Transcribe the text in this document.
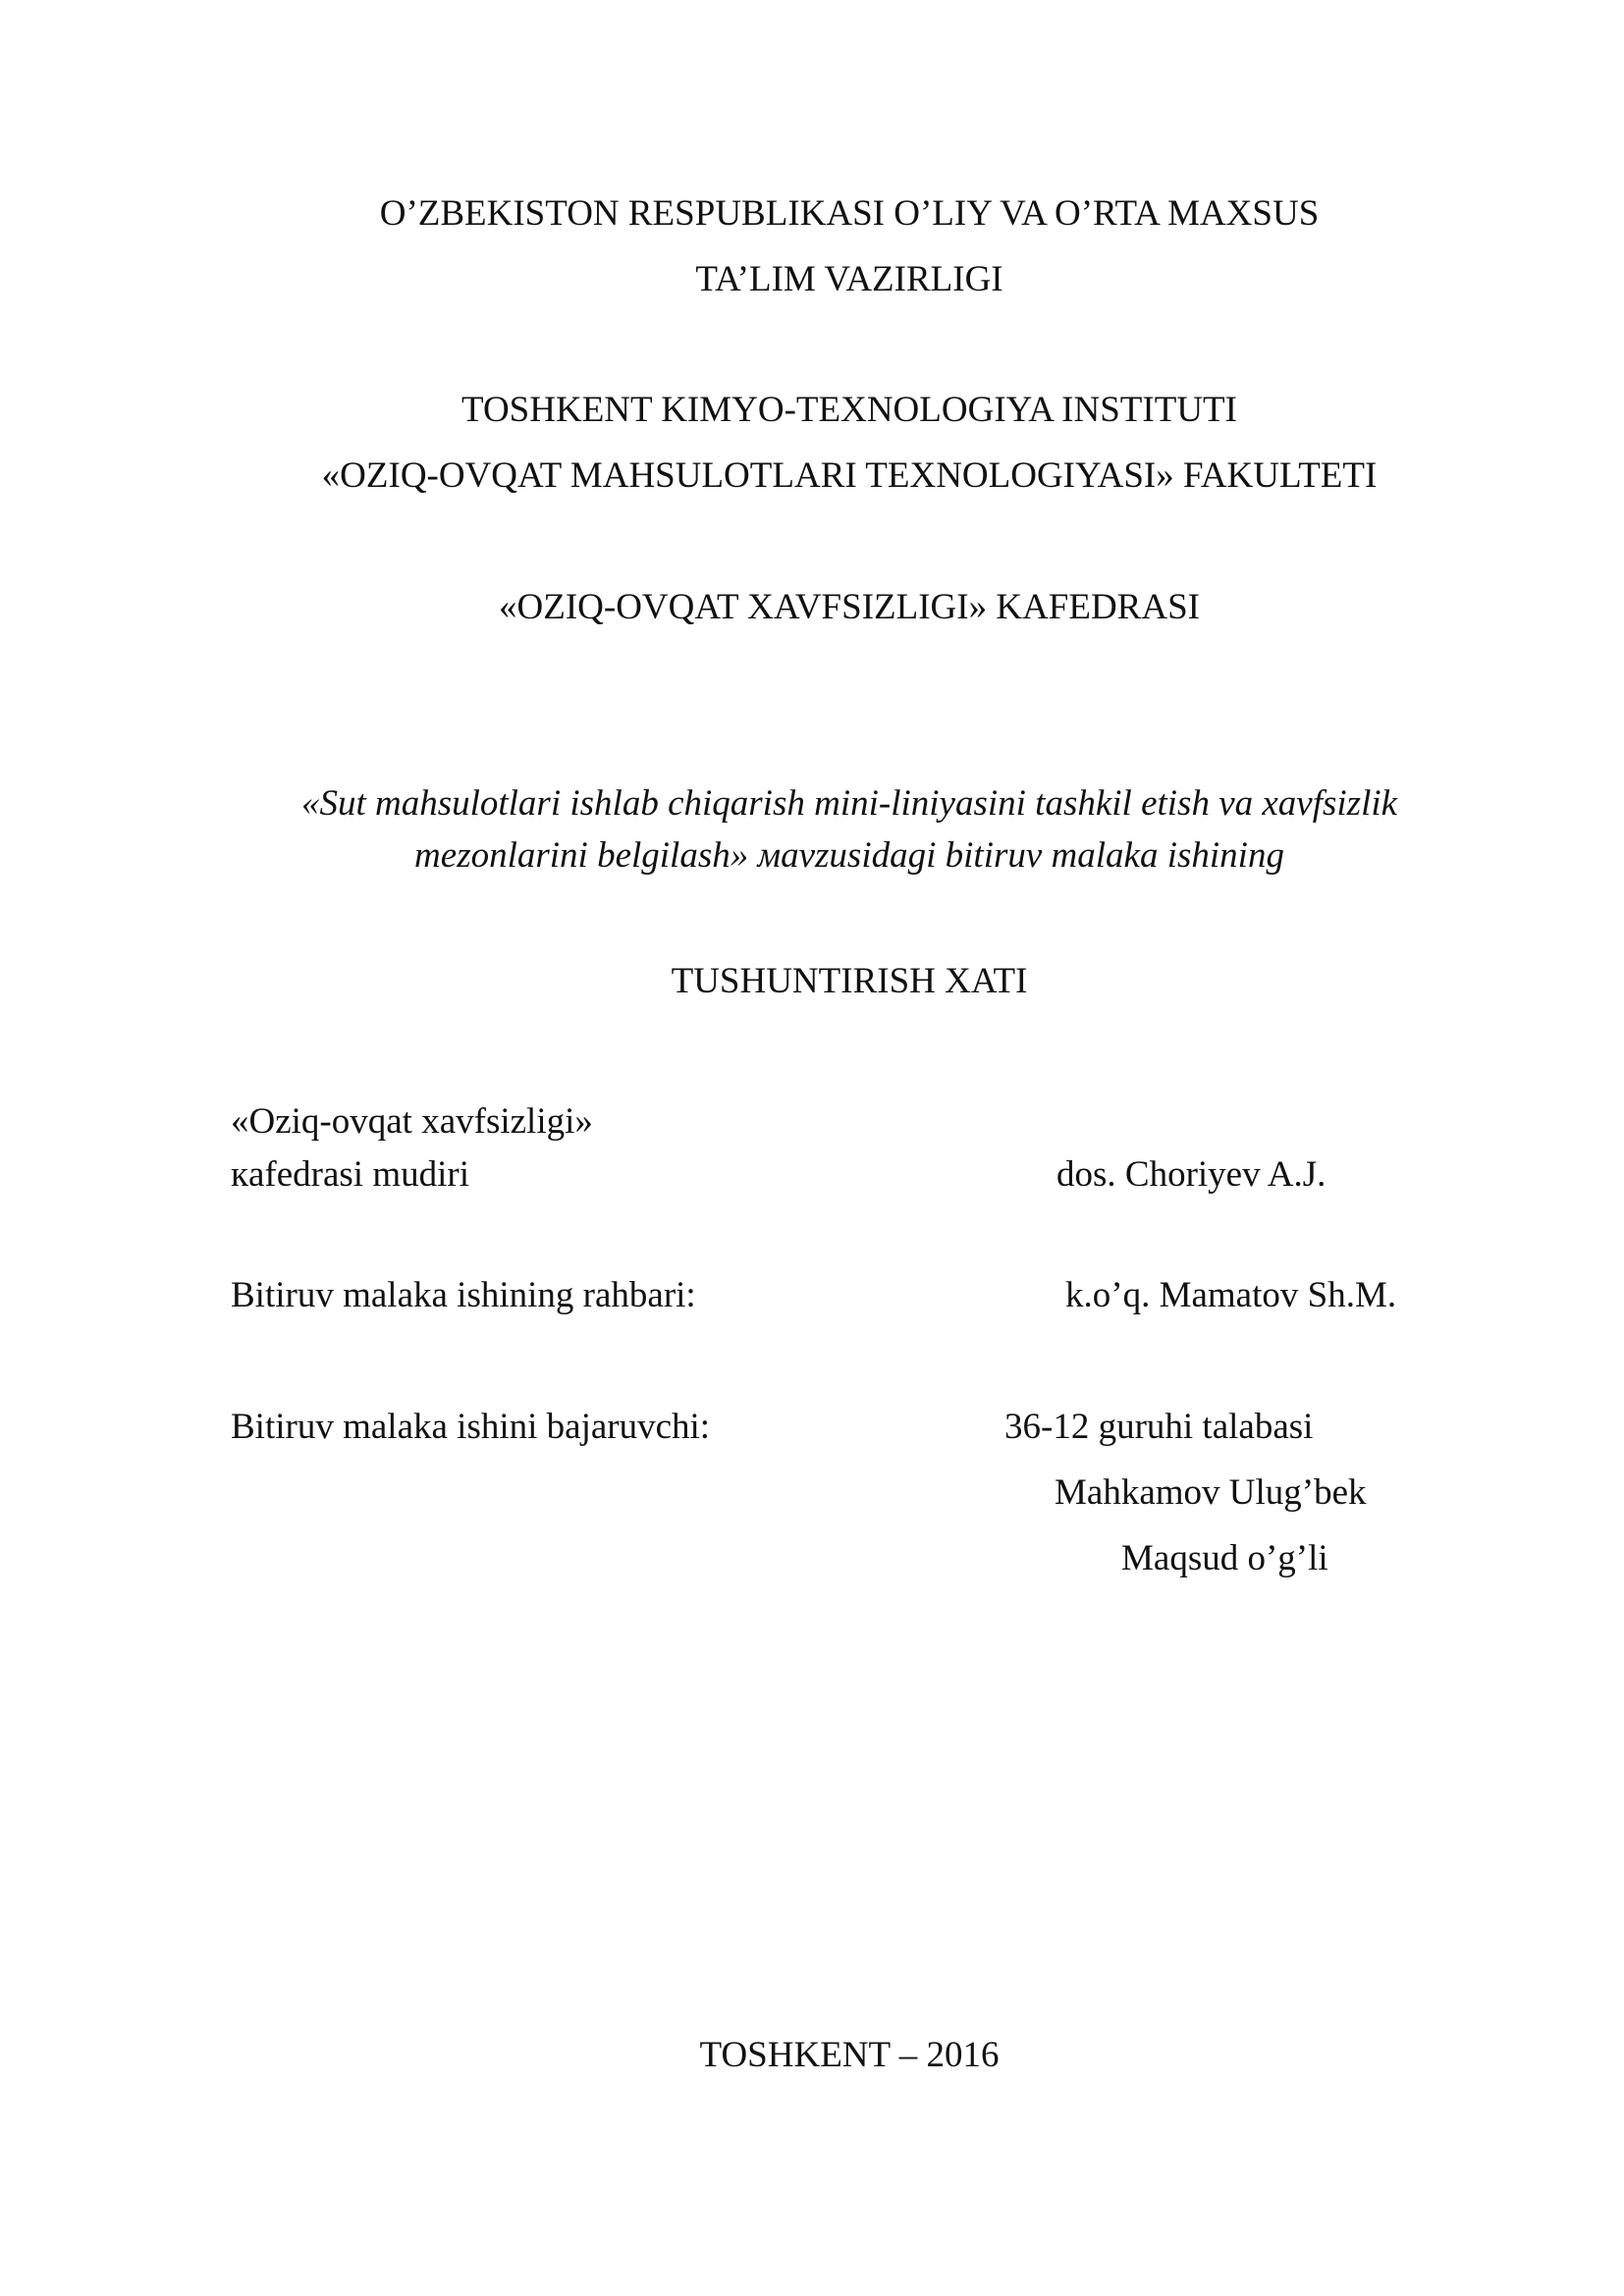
O’ZBEKISTON RESPUBLIKASI O’LIY VA O’RTA MAXSUS
TA’LIM VAZIRLIGI
TOSHKENT KIMYO-TEXNOLOGIYA INSTITUTI
«OZIQ-OVQAT MAHSULOTLARI TEXNOLOGIYASI» FAKULTETI
«OZIQ-OVQAT XAVFSIZLIGI» KAFEDRASI
«Sut mahsulotlari ishlab chiqarish mini-liniyasini tashkil etish va xavfsizlik
mezonlarini belgilash» мavzusidagi bitiruv malaka ishining
TUSHUNTIRISH XATI
«Oziq-ovqat xavfsizligi»
кafedrasi mudiri	dos. Choriyev A.J.
Bitiruv malaka ishining rahbari:	k.o’q. Mamatov Sh.M.
Bitiruv malaka ishini bajaruvchi:	36-12 guruhi talabasi
Mahkamov Ulug’bek
Maqsud o’g’li
TOSHKENT – 2016
